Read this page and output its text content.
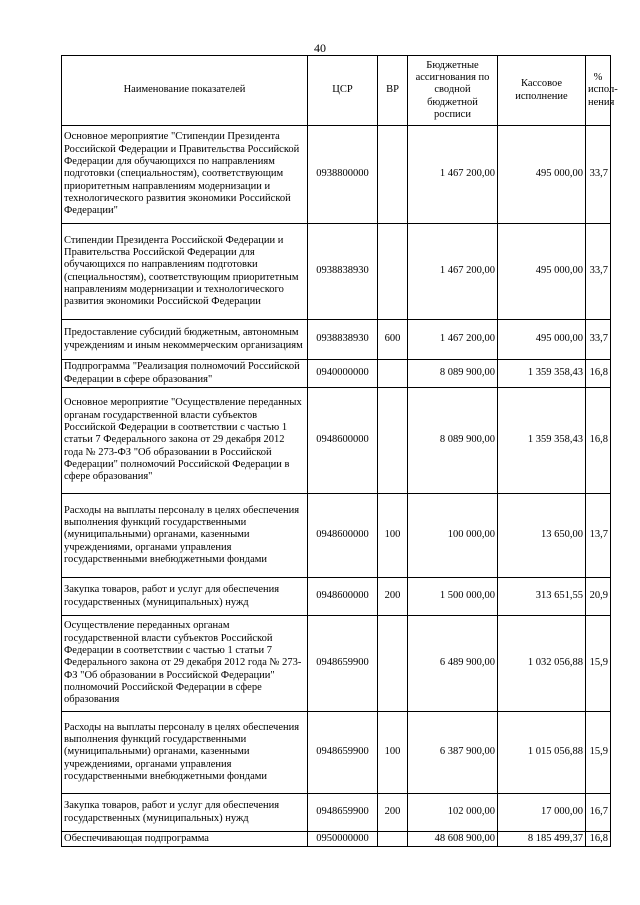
40
Наименование показателей	ЦСР	ВР	Бюджетные ассигнования по сводной бюджетной росписи	Кассовое исполнение	% испол-нения
Основное мероприятие "Стипендии Президента Российской Федерации и Правительства Российской Федерации для обучающихся по направлениям подготовки (специальностям), соответствующим приоритетным направлениям модернизации и технологического развития экономики Российской Федерации"	0938800000		1 467 200,00	495 000,00	33,7
Стипендии Президента Российской Федерации и Правительства Российской Федерации для обучающихся по направлениям подготовки (специальностям), соответствующим приоритетным направлениям модернизации и технологического развития экономики Российской Федерации	0938838930		1 467 200,00	495 000,00	33,7
Предоставление субсидий бюджетным, автономным учреждениям и иным некоммерческим организациям	0938838930	600	1 467 200,00	495 000,00	33,7
Подпрограмма "Реализация полномочий Российской Федерации в сфере образования"	0940000000		8 089 900,00	1 359 358,43	16,8
Основное мероприятие "Осуществление переданных органам государственной власти субъектов Российской Федерации в соответствии с частью 1 статьи 7 Федерального закона от 29 декабря 2012 года № 273-ФЗ "Об образовании в Российской Федерации" полномочий Российской Федерации в сфере образования"	0948600000		8 089 900,00	1 359 358,43	16,8
Расходы на выплаты персоналу в целях обеспечения выполнения функций государственными (муниципальными) органами, казенными учреждениями, органами управления государственными внебюджетными фондами	0948600000	100	100 000,00	13 650,00	13,7
Закупка товаров, работ и услуг для обеспечения государственных (муниципальных) нужд	0948600000	200	1 500 000,00	313 651,55	20,9
Осуществление переданных органам государственной власти субъектов Российской Федерации в соответствии с частью 1 статьи 7 Федерального закона от 29 декабря 2012 года № 273-ФЗ "Об образовании в Российской Федерации" полномочий Российской Федерации в сфере образования	0948659900		6 489 900,00	1 032 056,88	15,9
Расходы на выплаты персоналу в целях обеспечения выполнения функций государственными (муниципальными) органами, казенными учреждениями, органами управления государственными внебюджетными фондами	0948659900	100	6 387 900,00	1 015 056,88	15,9
Закупка товаров, работ и услуг для обеспечения государственных (муниципальных) нужд	0948659900	200	102 000,00	17 000,00	16,7
Обеспечивающая подпрограмма	0950000000		48 608 900,00	8 185 499,37	16,8
